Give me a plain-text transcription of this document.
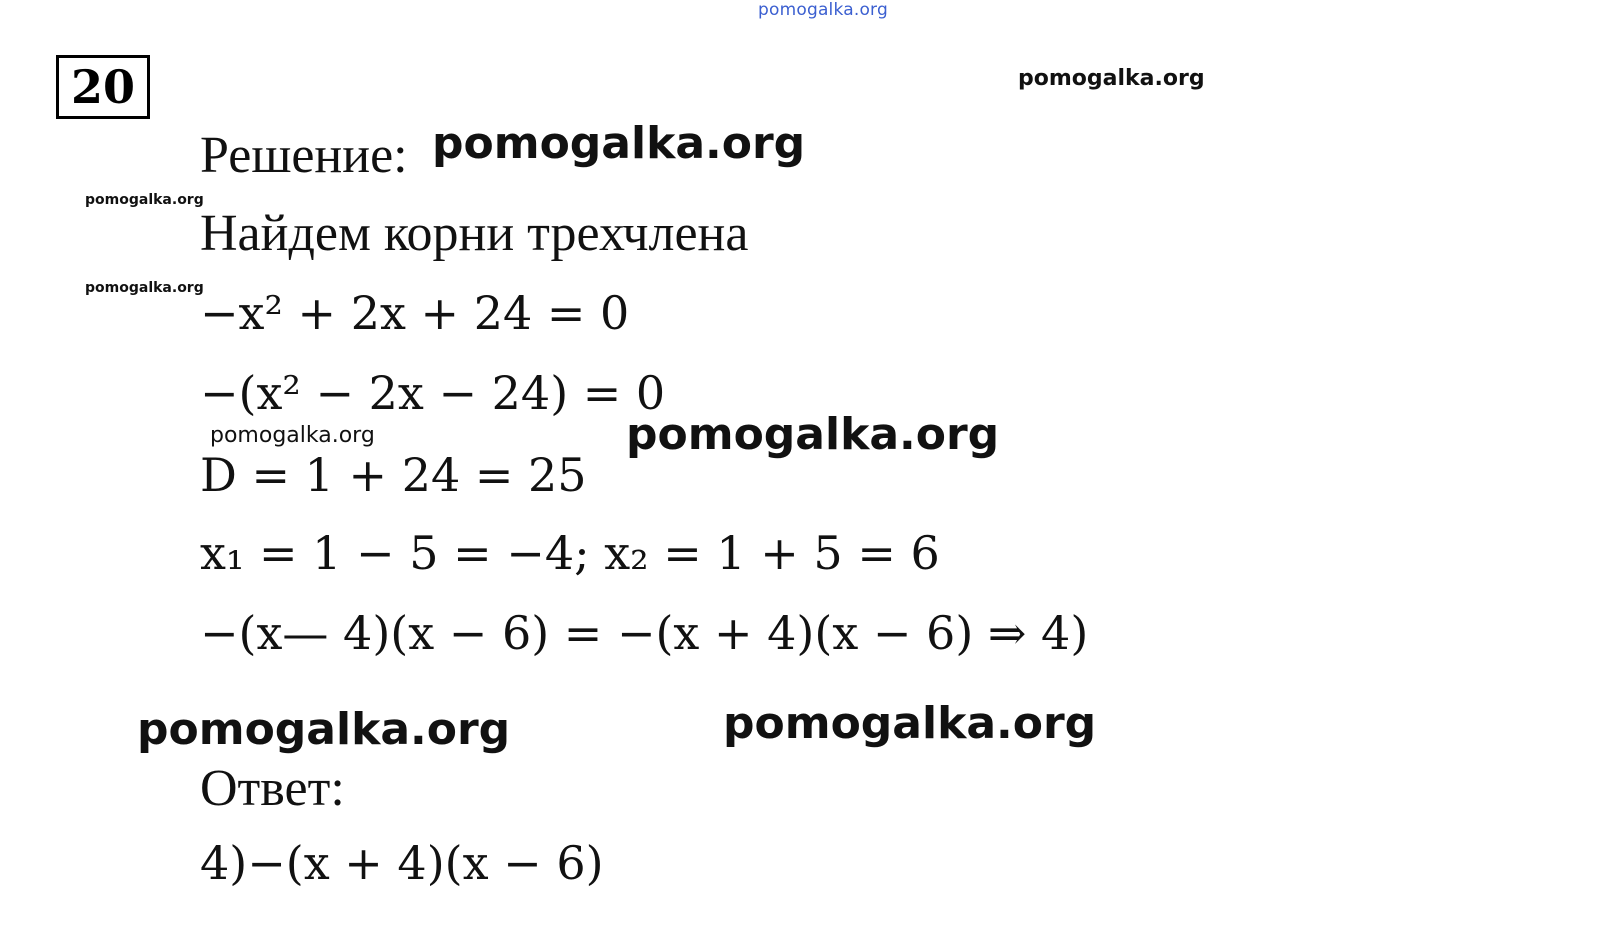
pomogalka.org
pomogalka.org
pomogalka.org
pomogalka.org
pomogalka.org
20
Решение:
Найдем корни трехчлена
−x² + 2x + 24 = 0
−(x² − 2x − 24) = 0
D = 1 + 24 = 25
x₁ = 1 − 5 = −4; x₂ = 1 + 5 = 6
−(x— 4)(x − 6) = −(x + 4)(x − 6) ⇒ 4)
Ответ:
4)−(x + 4)(x − 6)
pomogalka.org
pomogalka.org
pomogalka.org	pomogalka.org
